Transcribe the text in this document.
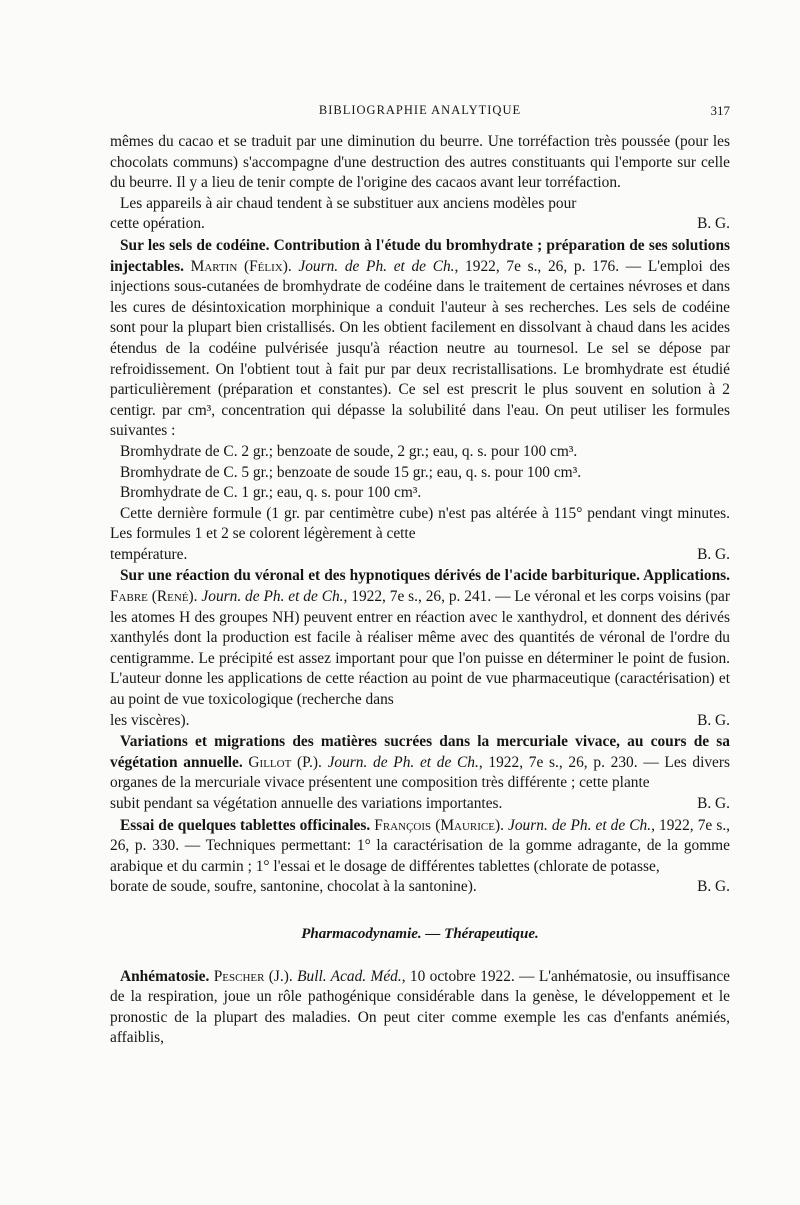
BIBLIOGRAPHIE ANALYTIQUE	317

mêmes du cacao et se traduit par une diminution du beurre. Une torréfaction très poussée (pour les chocolats communs) s'accompagne d'une destruction des autres constituants qui l'emporte sur celle du beurre. Il y a lieu de tenir compte de l'origine des cacaos avant leur torréfaction.

Les appareils à air chaud tendent à se substituer aux anciens modèles pour

cette opération.	B. G.

Sur les sels de codéine. Contribution à l'étude du bromhydrate ; préparation de ses solutions injectables. Martin (Félix). Journ. de Ph. et de Ch., 1922, 7e s., 26, p. 176. — L'emploi des injections sous-cutanées de bromhydrate de codéine dans le traitement de certaines névroses et dans les cures de désintoxication morphinique a conduit l'auteur à ses recherches. Les sels de codéine sont pour la plupart bien cristallisés. On les obtient facilement en dissolvant à chaud dans les acides étendus de la codéine pulvérisée jusqu'à réaction neutre au tournesol. Le sel se dépose par refroidissement. On l'obtient tout à fait pur par deux recristallisations. Le bromhydrate est étudié particulièrement (préparation et constantes). Ce sel est prescrit le plus souvent en solution à 2 centigr. par cm³, concentration qui dépasse la solubilité dans l'eau. On peut utiliser les formules suivantes :

Bromhydrate de C. 2 gr.; benzoate de soude, 2 gr.; eau, q. s. pour 100 cm³.
Bromhydrate de C. 5 gr.; benzoate de soude 15 gr.; eau, q. s. pour 100 cm³.
Bromhydrate de C. 1 gr.; eau, q. s. pour 100 cm³.

Cette dernière formule (1 gr. par centimètre cube) n'est pas altérée à 115° pendant vingt minutes. Les formules 1 et 2 se colorent légèrement à cette

température.	B. G.

Sur une réaction du véronal et des hypnotiques dérivés de l'acide barbiturique. Applications. Fabre (René). Journ. de Ph. et de Ch., 1922, 7e s., 26, p. 241. — Le véronal et les corps voisins (par les atomes H des groupes NH) peuvent entrer en réaction avec le xanthydrol, et donnent des dérivés xanthylés dont la production est facile à réaliser même avec des quantités de véronal de l'ordre du centigramme. Le précipité est assez important pour que l'on puisse en déterminer le point de fusion. L'auteur donne les applications de cette réaction au point de vue pharmaceutique (caractérisation) et au point de vue toxicologique (recherche dans

les viscères).	B. G.

Variations et migrations des matières sucrées dans la mercuriale vivace, au cours de sa végétation annuelle. Gillot (P.). Journ. de Ph. et de Ch., 1922, 7e s., 26, p. 230. — Les divers organes de la mercuriale vivace présentent une composition très différente ; cette plante

subit pendant sa végétation annuelle des variations importantes.	B. G.

Essai de quelques tablettes officinales. François (Maurice). Journ. de Ph. et de Ch., 1922, 7e s., 26, p. 330. — Techniques permettant: 1° la caractérisation de la gomme adragante, de la gomme arabique et du carmin ; 1° l'essai et le dosage de différentes tablettes (chlorate de potasse,

borate de soude, soufre, santonine, chocolat à la santonine).	B. G.

Pharmacodynamie. — Thérapeutique.

Anhématosie. Pescher (J.). Bull. Acad. Méd., 10 octobre 1922. — L'anhématosie, ou insuffisance de la respiration, joue un rôle pathogénique considérable dans la genèse, le développement et le pronostic de la plupart des maladies. On peut citer comme exemple les cas d'enfants anémiés, affaiblis,
